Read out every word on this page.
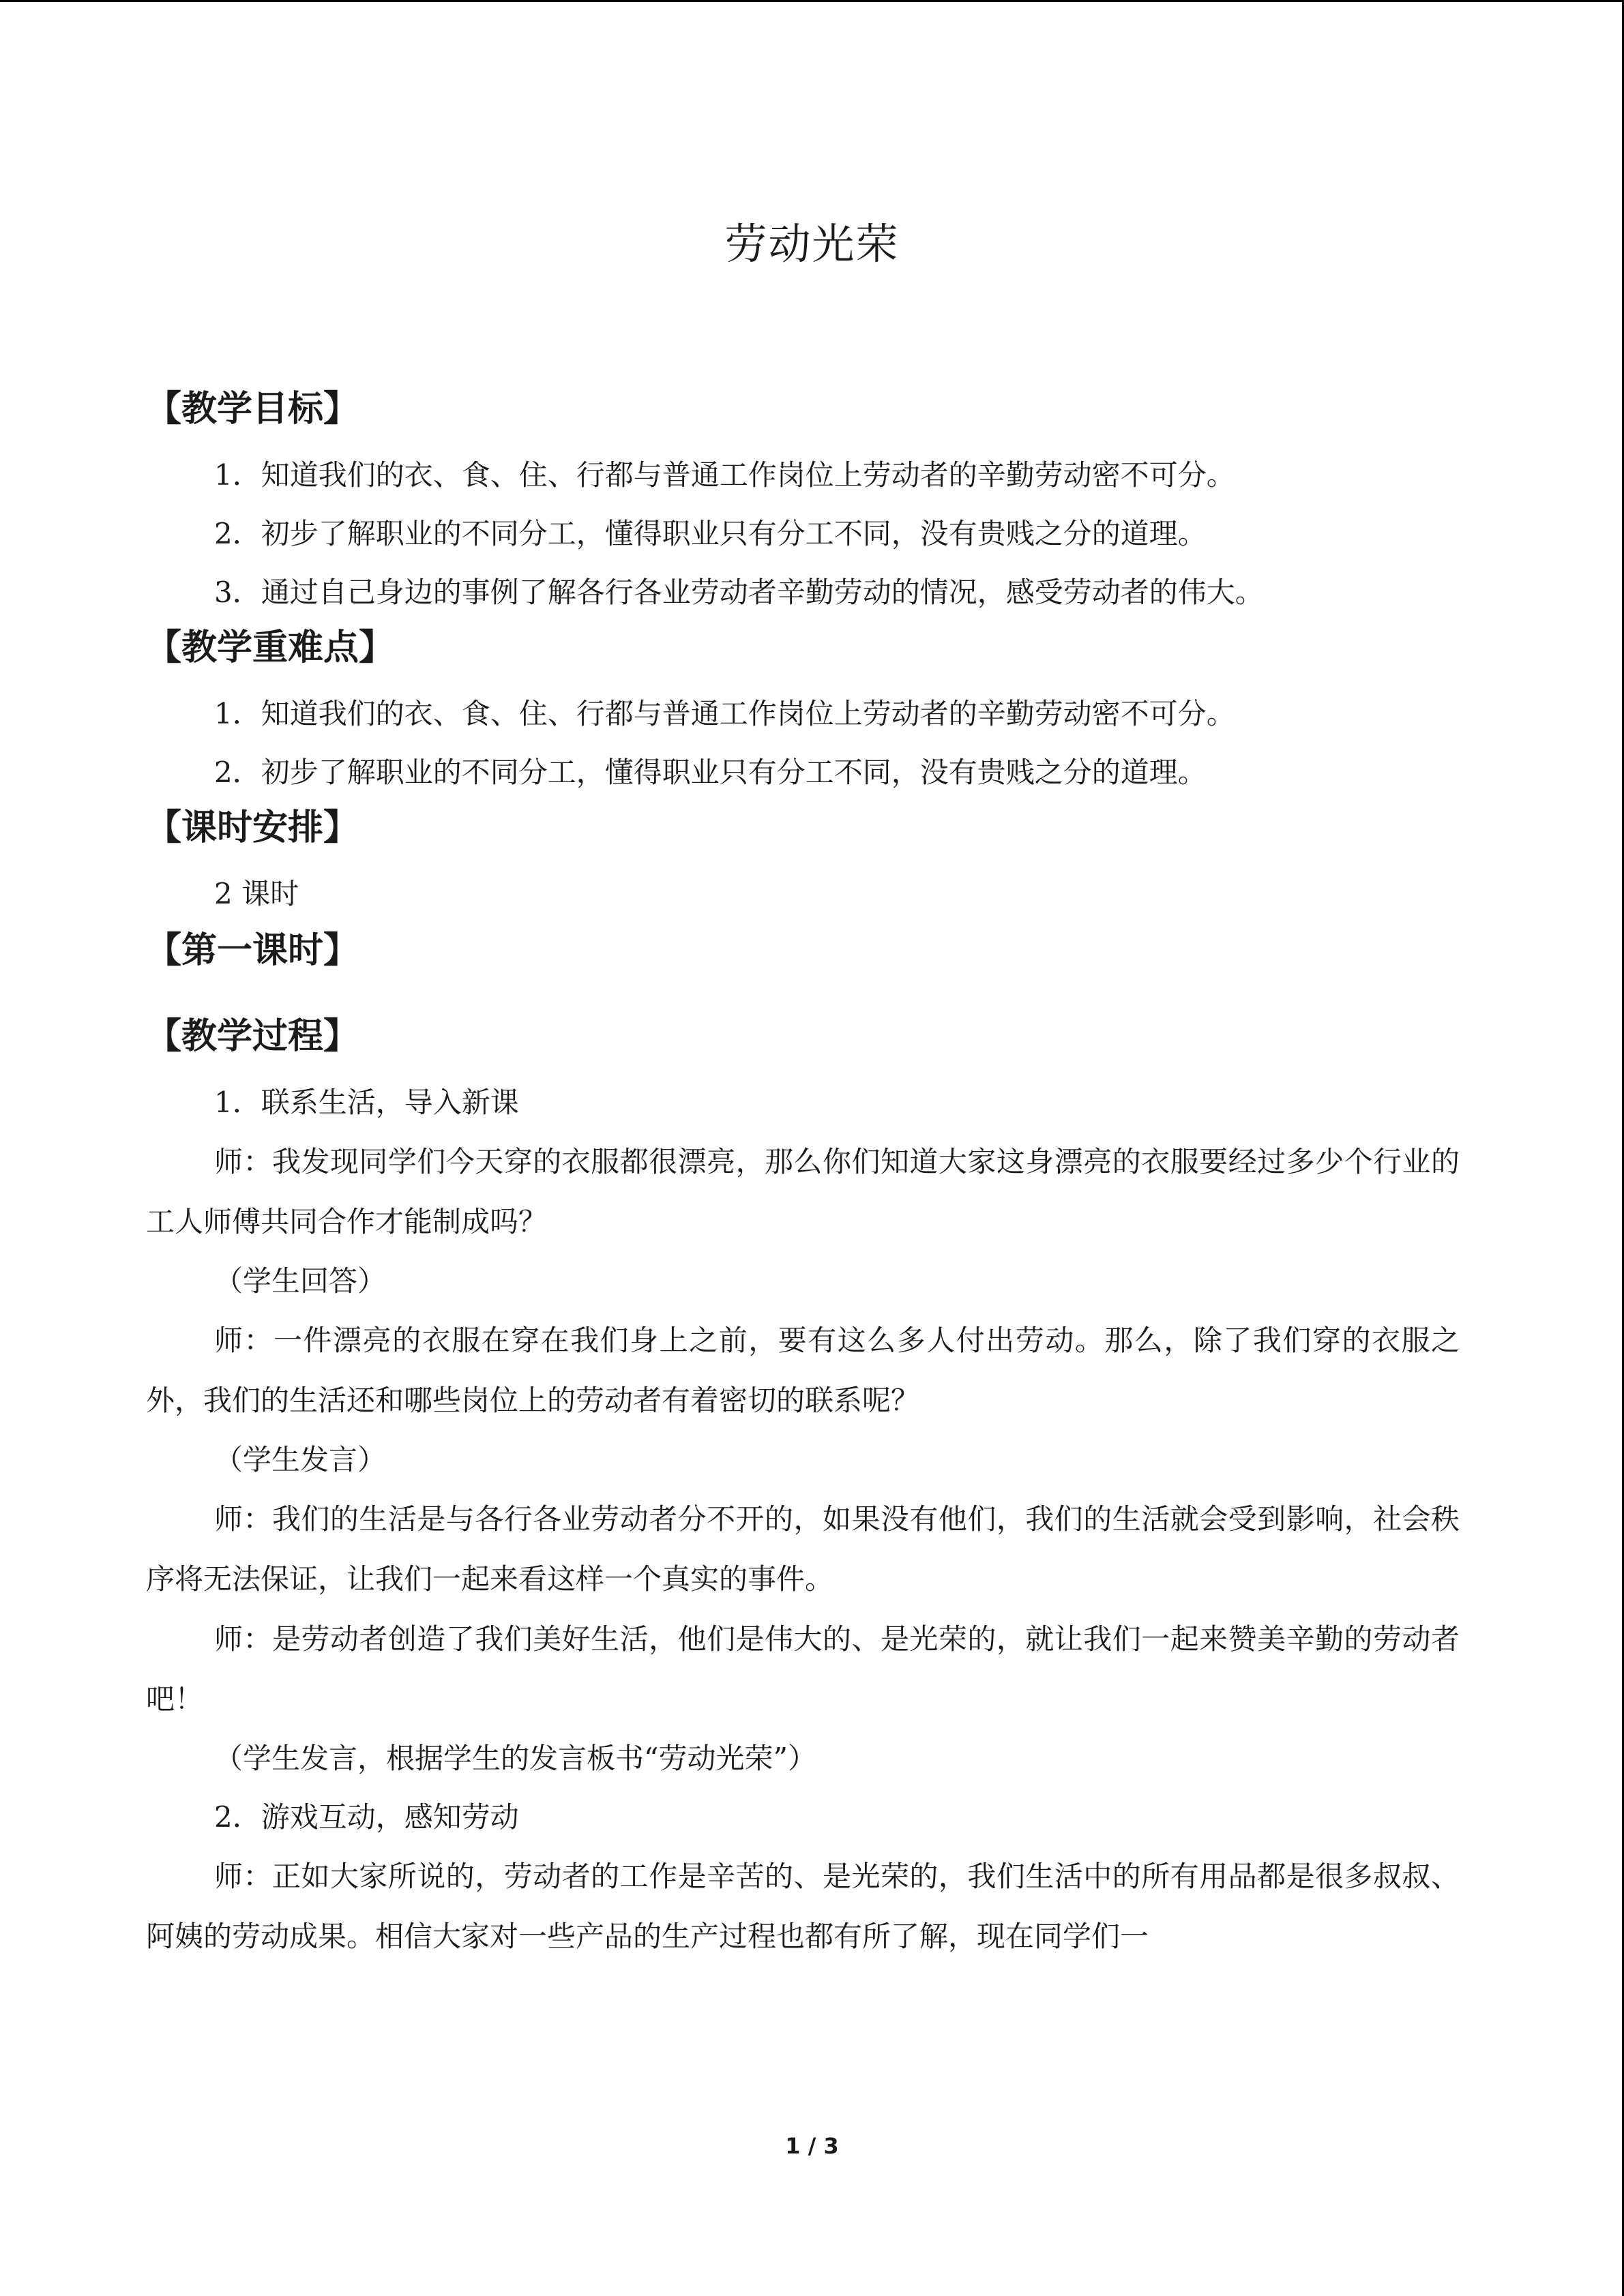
劳动光荣

【教学目标】

1．知道我们的衣、食、住、行都与普通工作岗位上劳动者的辛勤劳动密不可分。

2．初步了解职业的不同分工，懂得职业只有分工不同，没有贵贱之分的道理。

3．通过自己身边的事例了解各行各业劳动者辛勤劳动的情况，感受劳动者的伟大。

【教学重难点】

1．知道我们的衣、食、住、行都与普通工作岗位上劳动者的辛勤劳动密不可分。

2．初步了解职业的不同分工，懂得职业只有分工不同，没有贵贱之分的道理。

【课时安排】

2 课时

【第一课时】

【教学过程】

1．联系生活，导入新课

师：我发现同学们今天穿的衣服都很漂亮，那么你们知道大家这身漂亮的衣服要经过多少个行业的工人师傅共同合作才能制成吗？

（学生回答）

师：一件漂亮的衣服在穿在我们身上之前，要有这么多人付出劳动。那么，除了我们穿的衣服之外，我们的生活还和哪些岗位上的劳动者有着密切的联系呢？

（学生发言）

师：我们的生活是与各行各业劳动者分不开的，如果没有他们，我们的生活就会受到影响，社会秩序将无法保证，让我们一起来看这样一个真实的事件。

师：是劳动者创造了我们美好生活，他们是伟大的、是光荣的，就让我们一起来赞美辛勤的劳动者吧！

（学生发言，根据学生的发言板书“劳动光荣”）

2．游戏互动，感知劳动

师：正如大家所说的，劳动者的工作是辛苦的、是光荣的，我们生活中的所有用品都是很多叔叔、阿姨的劳动成果。相信大家对一些产品的生产过程也都有所了解，现在同学们一

1 / 3
